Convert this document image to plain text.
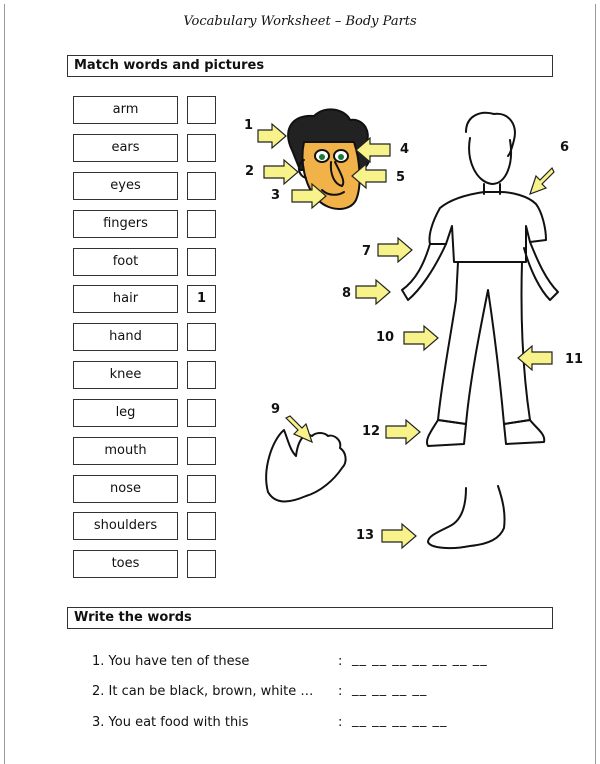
Vocabulary Worksheet – Body Parts
Match words and pictures
arm
ears
eyes
fingers
foot
hair
hand
knee
leg
mouth
nose
shoulders
toes
1
1
2
3
4
5
6
7
8
9
10
11
12
13
Write the words
1. You have ten of these	: __ __ __ __ __ __ __
2. It can be black, brown, white … : __ __ __ __
3. You eat food with this	: __ __ __ __ __
